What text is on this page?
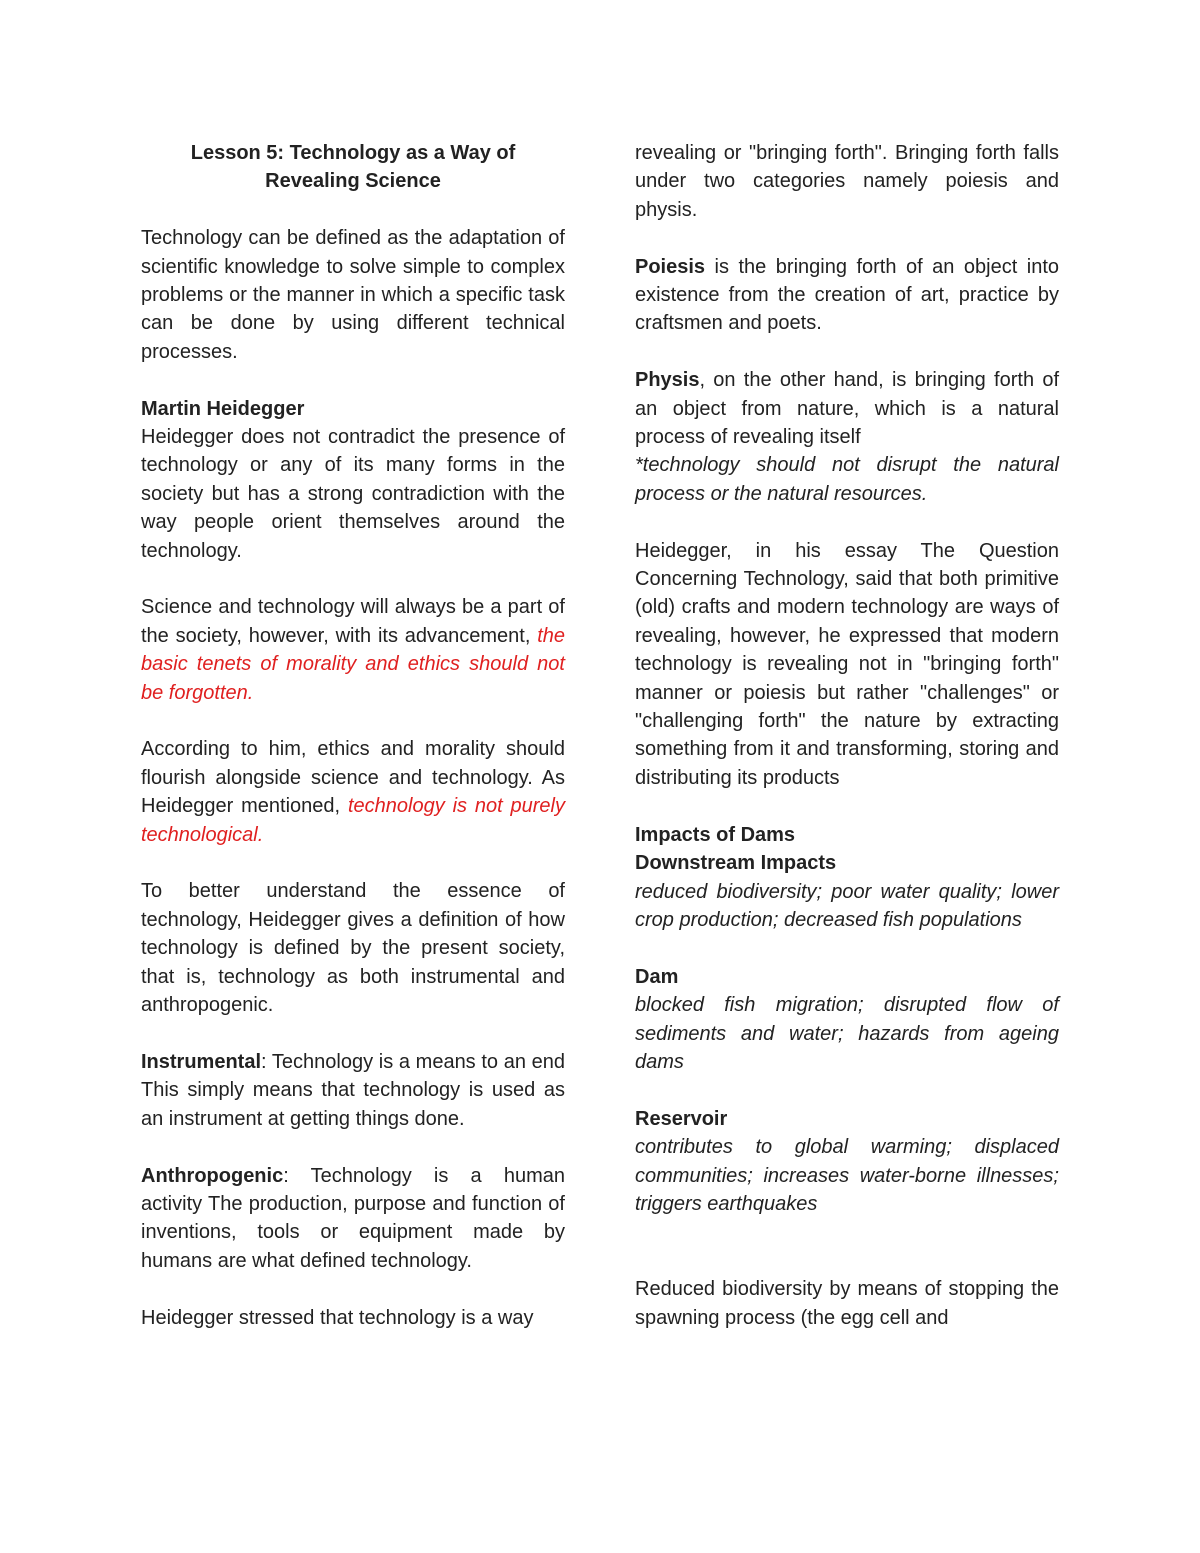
Lesson 5: Technology as a Way of
Revealing Science

Technology can be defined as the adaptation of scientific knowledge to solve simple to complex problems or the manner in which a specific task can be done by using different technical processes.

Martin Heidegger
Heidegger does not contradict the presence of technology or any of its many forms in the society but has a strong contradiction with the way people orient themselves around the technology.

Science and technology will always be a part of the society, however, with its advancement, the basic tenets of morality and ethics should not be forgotten.

According to him, ethics and morality should flourish alongside science and technology. As Heidegger mentioned, technology is not purely technological.

To better understand the essence of technology, Heidegger gives a definition of how technology is defined by the present society, that is, technology as both instrumental and anthropogenic.

Instrumental: Technology is a means to an end This simply means that technology is used as an instrument at getting things done.

Anthropogenic: Technology is a human activity The production, purpose and function of inventions, tools or equipment made by humans are what defined technology.

Heidegger stressed that technology is a way

revealing or "bringing forth". Bringing forth falls under two categories namely poiesis and physis.

Poiesis is the bringing forth of an object into existence from the creation of art, practice by craftsmen and poets.

Physis, on the other hand, is bringing forth of an object from nature, which is a natural process of revealing itself
*technology should not disrupt the natural process or the natural resources.

Heidegger, in his essay The Question Concerning Technology, said that both primitive (old) crafts and modern technology are ways of revealing, however, he expressed that modern technology is revealing not in "bringing forth" manner or poiesis but rather "challenges" or "challenging forth" the nature by extracting something from it and transforming, storing and distributing its products

Impacts of Dams
Downstream Impacts
reduced biodiversity; poor water quality; lower crop production; decreased fish populations

Dam
blocked fish migration; disrupted flow of sediments and water; hazards from ageing dams

Reservoir
contributes to global warming; displaced communities; increases water-borne illnesses; triggers earthquakes

Reduced biodiversity by means of stopping the spawning process (the egg cell and
